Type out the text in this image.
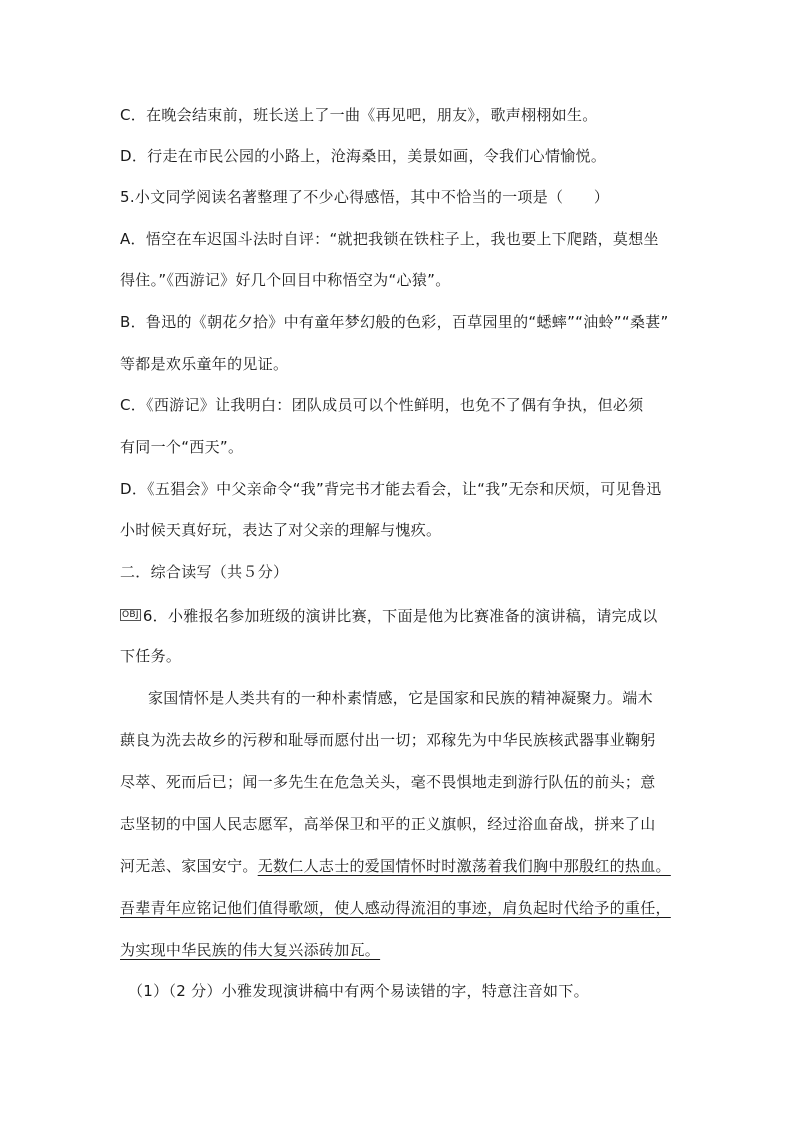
C．在晚会结束前，班长送上了一曲《再见吧，朋友》，歌声栩栩如生。
D．行走在市民公园的小路上，沧海桑田，美景如画，令我们心情愉悦。
5.小文同学阅读名著整理了不少心得感悟，其中不恰当的一项是（　　）
A．悟空在车迟国斗法时自评：“就把我锁在铁柱子上，我也要上下爬踏，莫想坐
得住。”《西游记》好几个回目中称悟空为“心猿”。
B．鲁迅的《朝花夕拾》中有童年梦幻般的色彩，百草园里的“蟋蟀”“油蛉”“桑葚”
等都是欢乐童年的见证。
C．《西游记》让我明白：团队成员可以个性鲜明，也免不了偶有争执，但必须
有同一个“西天”。
D．《五猖会》中父亲命令“我”背完书才能去看会，让“我”无奈和厌烦，可见鲁迅
小时候天真好玩，表达了对父亲的理解与愧疚。
二．综合读写（共５分）
OBJ 6．小雅报名参加班级的演讲比赛，下面是他为比赛准备的演讲稿，请完成以
下任务。
家国情怀是人类共有的一种朴素情感，它是国家和民族的精神凝聚力。端木
蕻良为洗去故乡的污秽和耻辱而愿付出一切；邓稼先为中华民族核武器事业鞠躬
尽萃、死而后已；闻一多先生在危急关头，毫不畏惧地走到游行队伍的前头；意
志坚韧的中国人民志愿军，高举保卫和平的正义旗帜，经过浴血奋战，拼来了山
河无恙、家国安宁。无数仁人志士的爱国情怀时时激荡着我们胸中那殷红的热血。
吾辈青年应铭记他们值得歌颂，使人感动得流泪的事迹，肩负起时代给予的重任，
为实现中华民族的伟大复兴添砖加瓦。
（1）（2 分）小雅发现演讲稿中有两个易读错的字，特意注音如下。
